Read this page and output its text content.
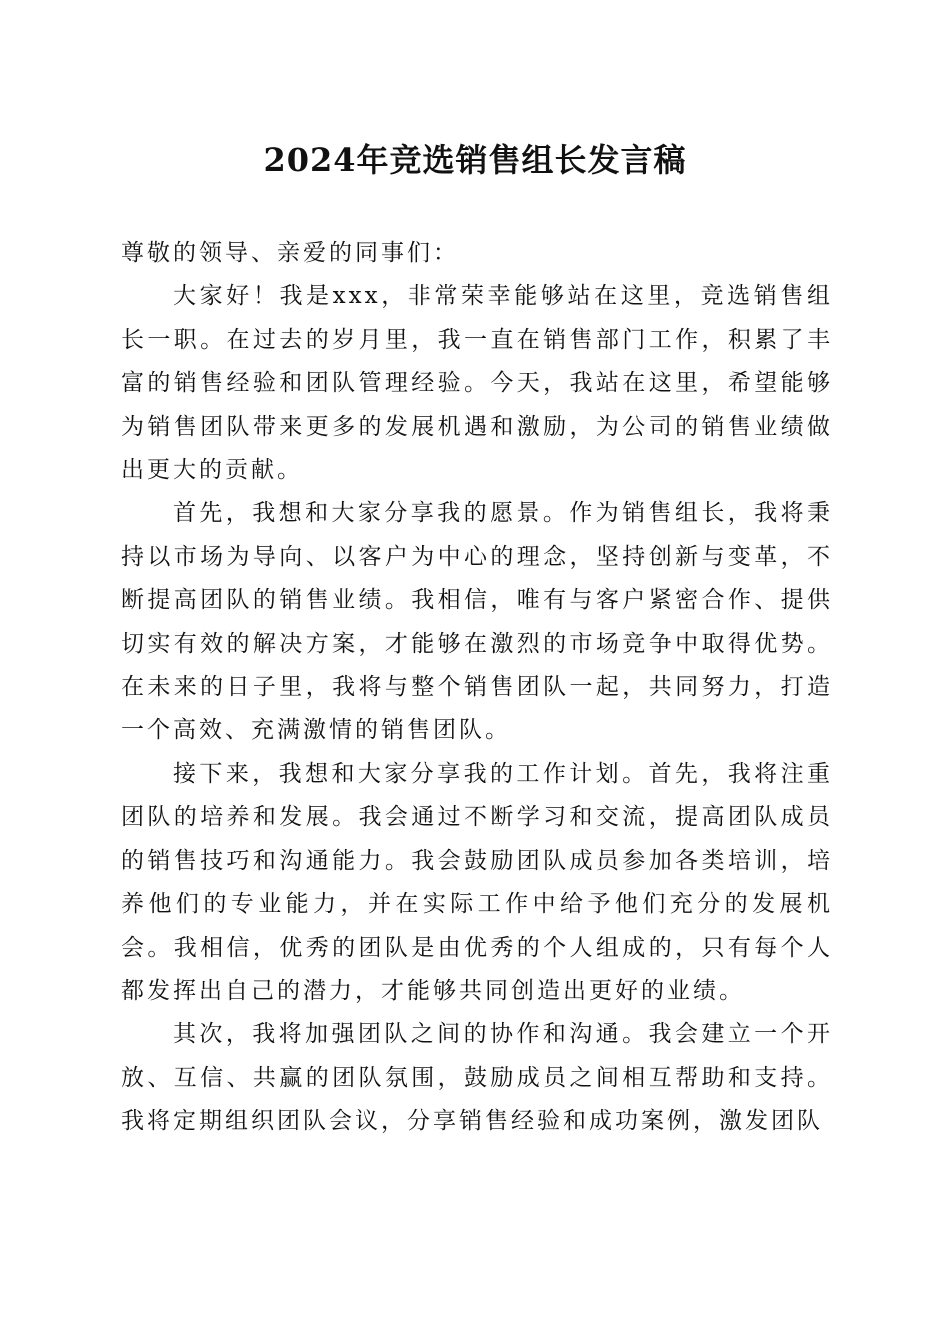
2024年竞选销售组长发言稿

尊敬的领导、亲爱的同事们：

大家好！我是xxx，非常荣幸能够站在这里，竞选销售组长一职。在过去的岁月里，我一直在销售部门工作，积累了丰富的销售经验和团队管理经验。今天，我站在这里，希望能够为销售团队带来更多的发展机遇和激励，为公司的销售业绩做出更大的贡献。

首先，我想和大家分享我的愿景。作为销售组长，我将秉持以市场为导向、以客户为中心的理念，坚持创新与变革，不断提高团队的销售业绩。我相信，唯有与客户紧密合作、提供切实有效的解决方案，才能够在激烈的市场竞争中取得优势。在未来的日子里，我将与整个销售团队一起，共同努力，打造一个高效、充满激情的销售团队。

接下来，我想和大家分享我的工作计划。首先，我将注重团队的培养和发展。我会通过不断学习和交流，提高团队成员的销售技巧和沟通能力。我会鼓励团队成员参加各类培训，培养他们的专业能力，并在实际工作中给予他们充分的发展机会。我相信，优秀的团队是由优秀的个人组成的，只有每个人都发挥出自己的潜力，才能够共同创造出更好的业绩。

其次，我将加强团队之间的协作和沟通。我会建立一个开放、互信、共赢的团队氛围，鼓励成员之间相互帮助和支持。我将定期组织团队会议，分享销售经验和成功案例，激发团队
